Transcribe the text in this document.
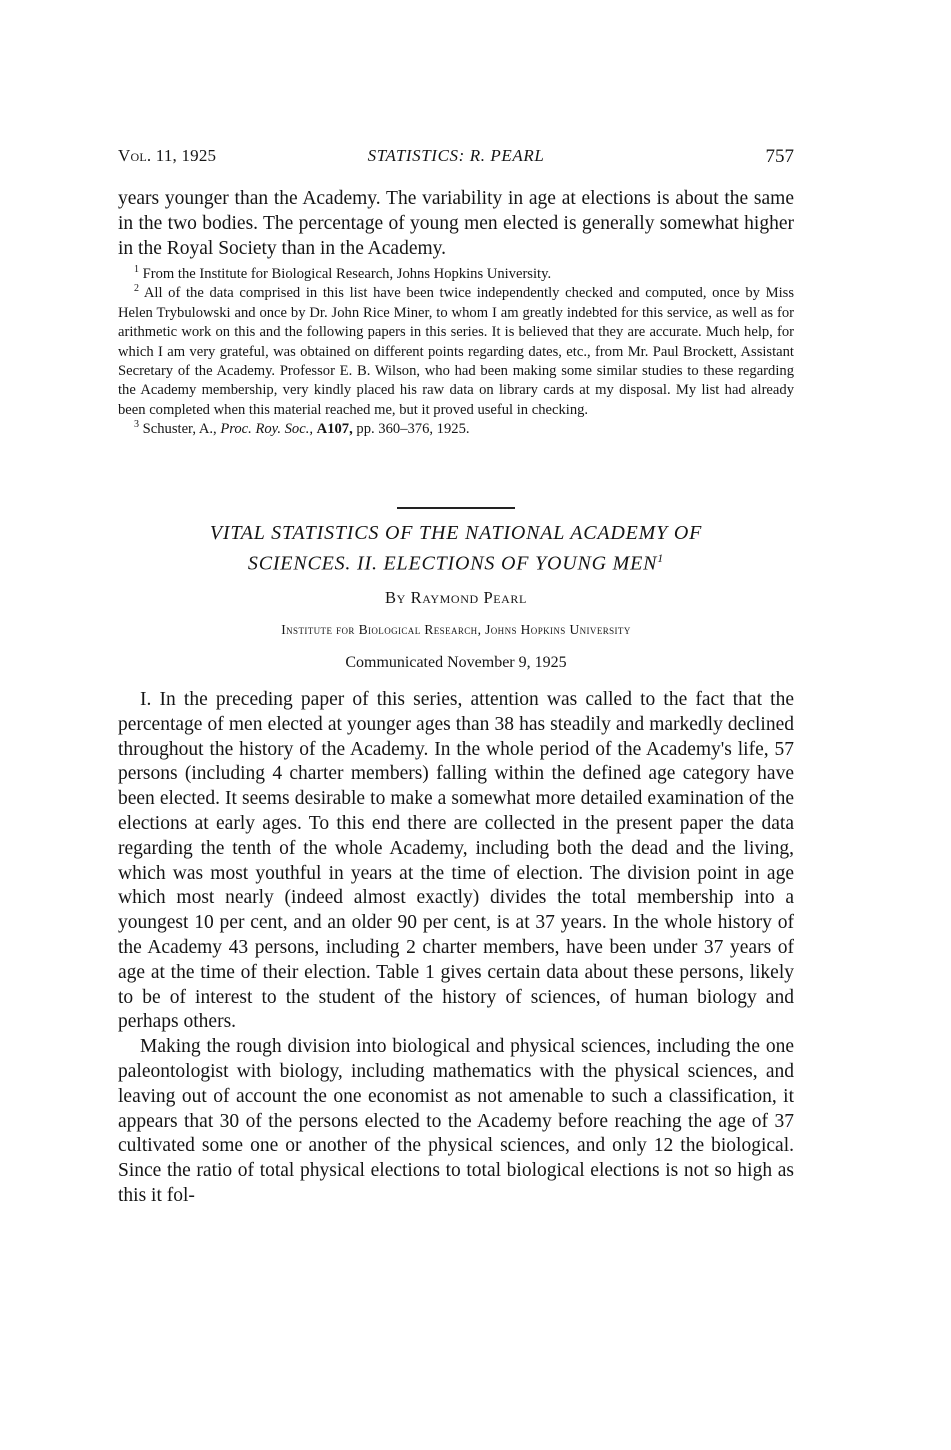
Vol. 11, 1925	STATISTICS: R. PEARL	757

years younger than the Academy. The variability in age at elections is about the same in the two bodies. The percentage of young men elected is generally somewhat higher in the Royal Society than in the Academy.

$^1$ From the Institute for Biological Research, Johns Hopkins University.

$^2$ All of the data comprised in this list have been twice independently checked and computed, once by Miss Helen Trybulowski and once by Dr. John Rice Miner, to whom I am greatly indebted for this service, as well as for arithmetic work on this and the following papers in this series. It is believed that they are accurate. Much help, for which I am very grateful, was obtained on different points regarding dates, etc., from Mr. Paul Brockett, Assistant Secretary of the Academy. Professor E. B. Wilson, who had been making some similar studies to these regarding the Academy membership, very kindly placed his raw data on library cards at my disposal. My list had already been completed when this material reached me, but it proved useful in checking.

$^3$ Schuster, A., Proc. Roy. Soc., A107, pp. 360–376, 1925.

VITAL STATISTICS OF THE NATIONAL ACADEMY OF
SCIENCES. II. ELECTIONS OF YOUNG MEN$^1$
By Raymond Pearl
Institute for Biological Research, Johns Hopkins University
Communicated November 9, 1925

I. In the preceding paper of this series, attention was called to the fact that the percentage of men elected at younger ages than 38 has steadily and markedly declined throughout the history of the Academy. In the whole period of the Academy's life, 57 persons (including 4 charter members) falling within the defined age category have been elected. It seems desirable to make a somewhat more detailed examination of the elections at early ages. To this end there are collected in the present paper the data regarding the tenth of the whole Academy, including both the dead and the living, which was most youthful in years at the time of election. The division point in age which most nearly (indeed almost exactly) divides the total membership into a youngest 10 per cent, and an older 90 per cent, is at 37 years. In the whole history of the Academy 43 persons, including 2 charter members, have been under 37 years of age at the time of their election. Table 1 gives certain data about these persons, likely to be of interest to the student of the history of sciences, of human biology and perhaps others.

Making the rough division into biological and physical sciences, including the one paleontologist with biology, including mathematics with the physical sciences, and leaving out of account the one economist as not amenable to such a classification, it appears that 30 of the persons elected to the Academy before reaching the age of 37 cultivated some one or another of the physical sciences, and only 12 the biological. Since the ratio of total physical elections to total biological elections is not so high as this it fol-
